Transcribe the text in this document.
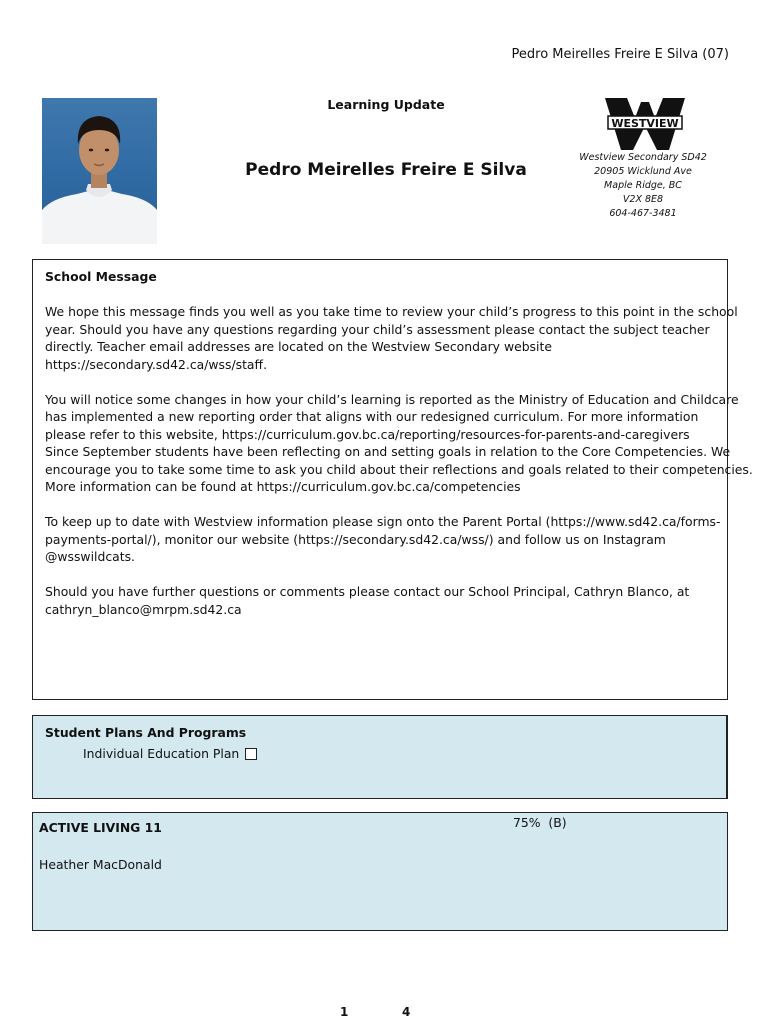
Pedro Meirelles Freire E Silva (07)
Learning Update
Pedro Meirelles Freire E Silva
WESTVIEW
Westview Secondary SD42
20905 Wicklund Ave
Maple Ridge, BC
V2X 8E8
604-467-3481
School Message

We hope this message finds you well as you take time to review your child’s progress to this point in the school
year. Should you have any questions regarding your child’s assessment please contact the subject teacher
directly. Teacher email addresses are located on the Westview Secondary website
https://secondary.sd42.ca/wss/staff.

You will notice some changes in how your child’s learning is reported as the Ministry of Education and Childcare
has implemented a new reporting order that aligns with our redesigned curriculum. For more information
please refer to this website, https://curriculum.gov.bc.ca/reporting/resources-for-parents-and-caregivers
Since September students have been reflecting on and setting goals in relation to the Core Competencies. We
encourage you to take some time to ask you child about their reflections and goals related to their competencies.
More information can be found at https://curriculum.gov.bc.ca/competencies

To keep up to date with Westview information please sign onto the Parent Portal (https://www.sd42.ca/forms-
payments-portal/), monitor our website (https://secondary.sd42.ca/wss/) and follow us on Instagram
@wsswildcats.

Should you have further questions or comments please contact our School Principal, Cathryn Blanco, at
cathryn_blanco@mrpm.sd42.ca

Student Plans And Programs
Individual Education Plan
ACTIVE LIVING 11	75%  (B)
Heather MacDonald
1	4
